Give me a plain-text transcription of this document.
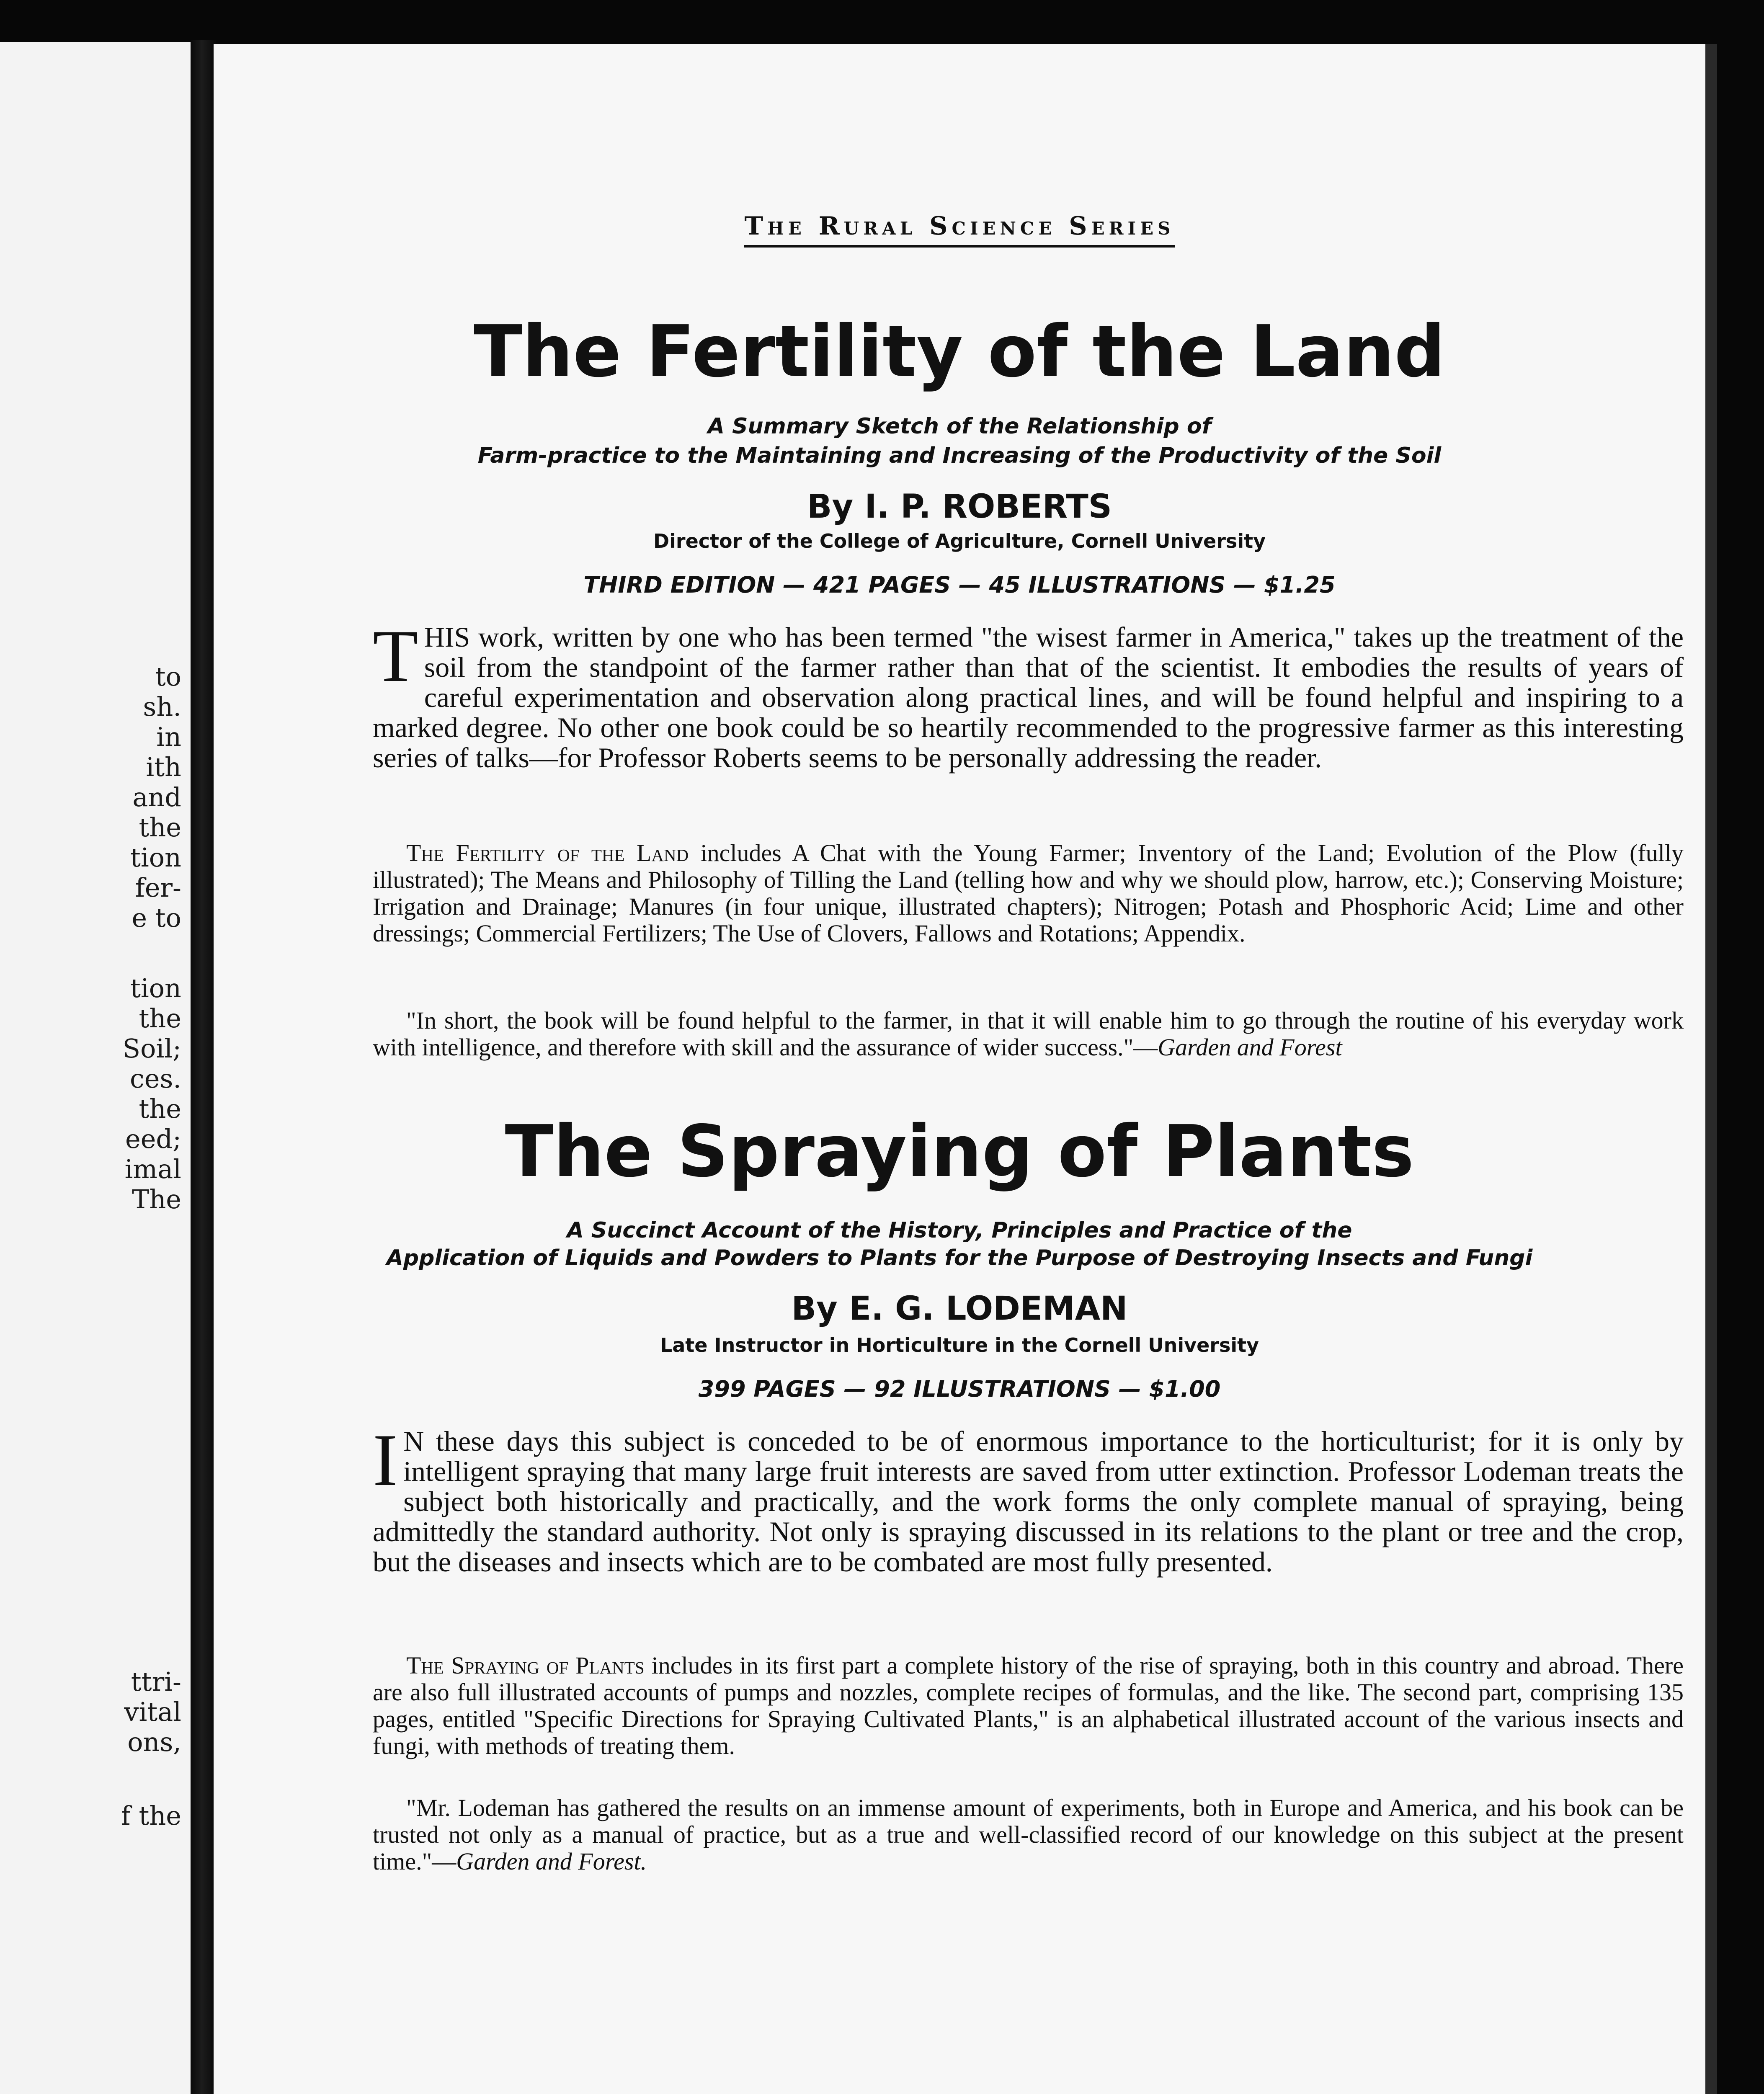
to
sh.
in
ith
and
the
tion
fer-
e to
tion
the
Soil;
ces.
the
eed;
imal
The
ttri-
vital
ons,
f the
The Rural Science Series
The Fertility of the Land
A Summary Sketch of the Relationship of
Farm-practice to the Maintaining and Increasing of the Productivity of the Soil
By I. P. ROBERTS
Director of the College of Agriculture, Cornell University
THIRD EDITION — 421 PAGES — 45 ILLUSTRATIONS — $1.25
THIS work, written by one who has been termed "the wisest farmer in America," takes up the treatment of the soil from the standpoint of the farmer rather than that of the scientist. It embodies the results of years of careful experimentation and observation along practical lines, and will be found helpful and inspiring to a marked degree. No other one book could be so heartily recommended to the progressive farmer as this interesting series of talks—for Professor Roberts seems to be personally addressing the reader.
The Fertility of the Land includes A Chat with the Young Farmer; Inventory of the Land; Evolution of the Plow (fully illustrated); The Means and Philosophy of Tilling the Land (telling how and why we should plow, harrow, etc.); Conserving Moisture; Irrigation and Drainage; Manures (in four unique, illustrated chapters); Nitrogen; Potash and Phosphoric Acid; Lime and other dressings; Commercial Fertilizers; The Use of Clovers, Fallows and Rotations; Appendix.
"In short, the book will be found helpful to the farmer, in that it will enable him to go through the routine of his everyday work with intelligence, and therefore with skill and the assurance of wider success."—Garden and Forest
The Spraying of Plants
A Succinct Account of the History, Principles and Practice of the
Application of Liquids and Powders to Plants for the Purpose of Destroying Insects and Fungi
By E. G. LODEMAN
Late Instructor in Horticulture in the Cornell University
399 PAGES — 92 ILLUSTRATIONS — $1.00
I N these days this subject is conceded to be of enormous importance to the horticulturist; for it is only by intelligent spraying that many large fruit interests are saved from utter extinction. Professor Lodeman treats the subject both historically and practically, and the work forms the only complete manual of spraying, being admittedly the standard authority. Not only is spraying discussed in its relations to the plant or tree and the crop, but the diseases and insects which are to be combated are most fully presented.
The Spraying of Plants includes in its first part a complete history of the rise of spraying, both in this country and abroad. There are also full illustrated accounts of pumps and nozzles, complete recipes of formulas, and the like. The second part, comprising 135 pages, entitled "Specific Directions for Spraying Cultivated Plants," is an alphabetical illustrated account of the various insects and fungi, with methods of treating them.
"Mr. Lodeman has gathered the results on an immense amount of experiments, both in Europe and America, and his book can be trusted not only as a manual of practice, but as a true and well-classified record of our knowledge on this subject at the present time."—Garden and Forest.
